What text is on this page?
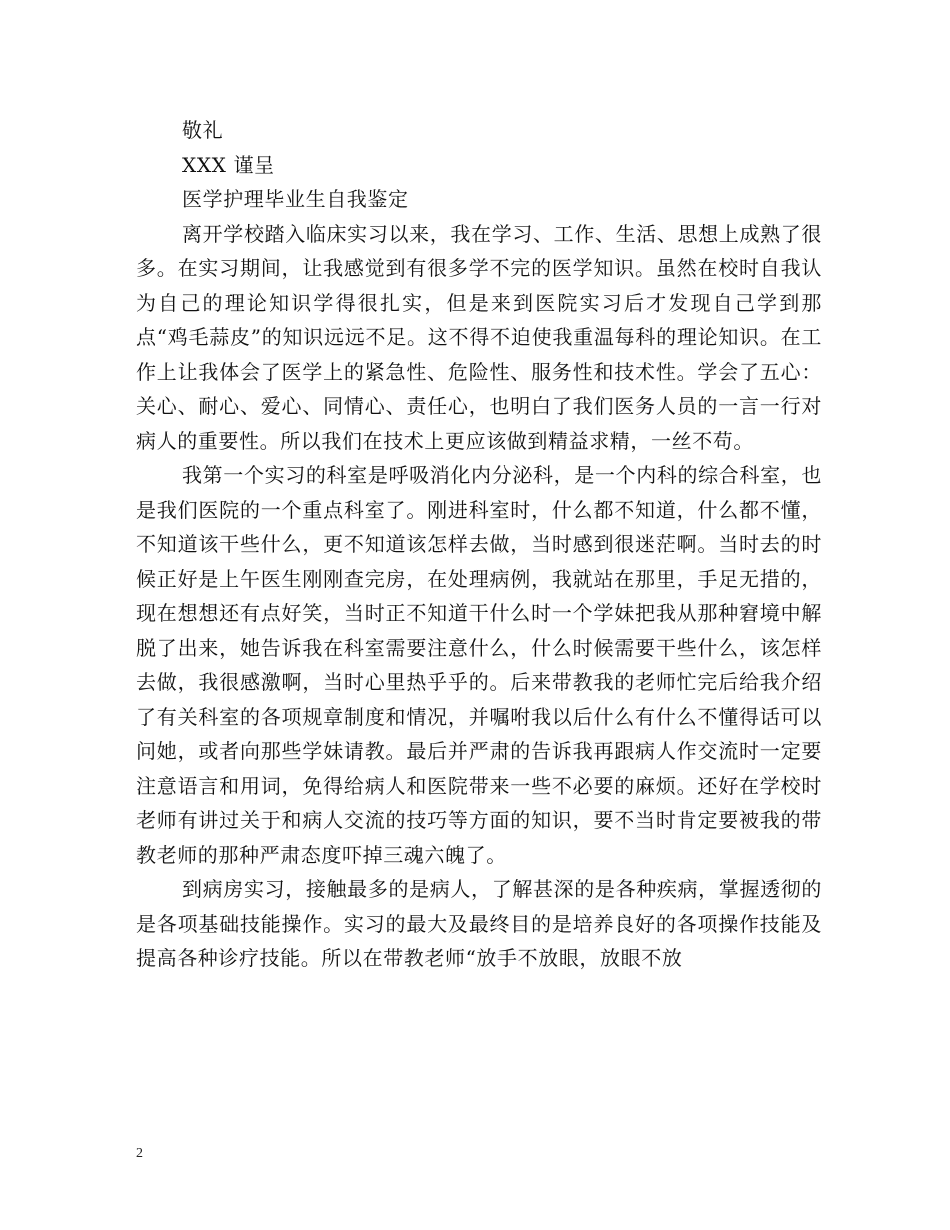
敬礼
XXX 谨呈
医学护理毕业生自我鉴定

离开学校踏入临床实习以来，我在学习、工作、生活、思想上成熟了很多。在实习期间，让我感觉到有很多学不完的医学知识。虽然在校时自我认为自己的理论知识学得很扎实，但是来到医院实习后才发现自己学到那点“鸡毛蒜皮”的知识远远不足。这不得不迫使我重温每科的理论知识。在工作上让我体会了医学上的紧急性、危险性、服务性和技术性。学会了五心：关心、耐心、爱心、同情心、责任心，也明白了我们医务人员的一言一行对病人的重要性。所以我们在技术上更应该做到精益求精，一丝不苟。

我第一个实习的科室是呼吸消化内分泌科，是一个内科的综合科室，也是我们医院的一个重点科室了。刚进科室时，什么都不知道，什么都不懂，不知道该干些什么，更不知道该怎样去做，当时感到很迷茫啊。当时去的时候正好是上午医生刚刚查完房，在处理病例，我就站在那里，手足无措的，现在想想还有点好笑，当时正不知道干什么时一个学妹把我从那种窘境中解脱了出来，她告诉我在科室需要注意什么，什么时候需要干些什么，该怎样去做，我很感激啊，当时心里热乎乎的。后来带教我的老师忙完后给我介绍了有关科室的各项规章制度和情况，并嘱咐我以后什么有什么不懂得话可以问她，或者向那些学妹请教。最后并严肃的告诉我再跟病人作交流时一定要注意语言和用词，免得给病人和医院带来一些不必要的麻烦。还好在学校时老师有讲过关于和病人交流的技巧等方面的知识，要不当时肯定要被我的带教老师的那种严肃态度吓掉三魂六魄了。

到病房实习，接触最多的是病人，了解甚深的是各种疾病，掌握透彻的是各项基础技能操作。实习的最大及最终目的是培养良好的各项操作技能及提高各种诊疗技能。所以在带教老师“放手不放眼，放眼不放

2
